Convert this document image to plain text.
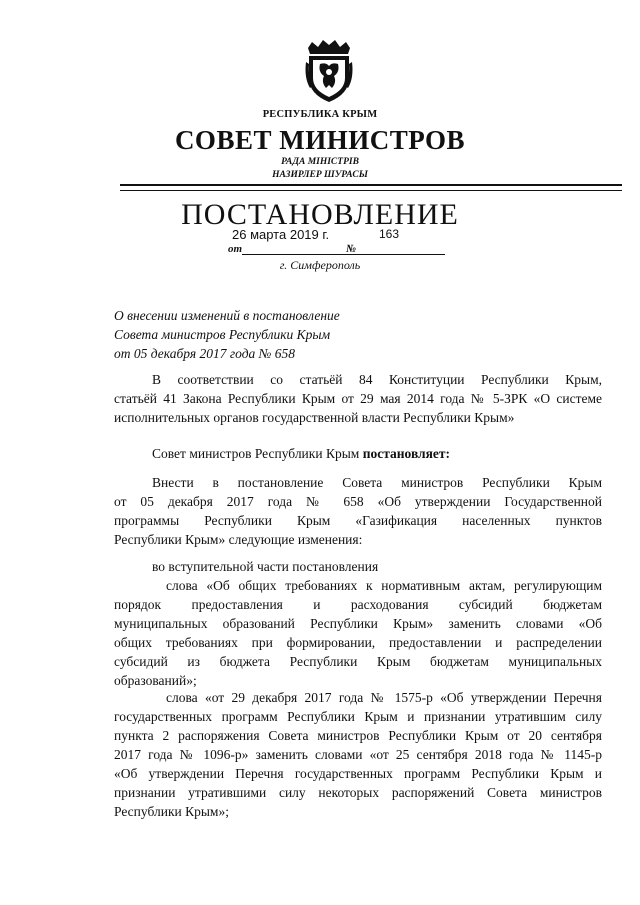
РЕСПУБЛИКА КРЫМ
СОВЕТ МИНИСТРОВ
РАДА МІНІСТРІВ
НАЗИРЛЕР ШУРАСЫ
ПОСТАНОВЛЕНИЕ
26 марта 2019 г.	163
от	№
г. Симферополь
О внесении изменений в постановление
Совета министров Республики Крым
от 05 декабря 2017 года № 658
В соответствии со статьёй 84 Конституции Республики Крым,
статьёй 41 Закона Республики Крым от 29 мая 2014 года № 5-ЗРК «О системе
исполнительных органов государственной власти Республики Крым»
Совет министров Республики Крым постановляет:
Внести в постановление Совета министров Республики Крым
от 05 декабря 2017 года № 658 «Об утверждении Государственной
программы Республики Крым «Газификация населенных пунктов
Республики Крым» следующие изменения:
во вступительной части постановления
слова «Об общих требованиях к нормативным актам, регулирующим
порядок предоставления и расходования субсидий бюджетам
муниципальных образований Республики Крым» заменить словами «Об
общих требованиях при формировании, предоставлении и распределении
субсидий из бюджета Республики Крым бюджетам муниципальных
образований»;
слова «от 29 декабря 2017 года № 1575-р «Об утверждении Перечня
государственных программ Республики Крым и признании утратившим силу
пункта 2 распоряжения Совета министров Республики Крым от 20 сентября
2017 года № 1096-р» заменить словами «от 25 сентября 2018 года № 1145-р
«Об утверждении Перечня государственных программ Республики Крым и
признании утратившими силу некоторых распоряжений Совета министров
Республики Крым»;
